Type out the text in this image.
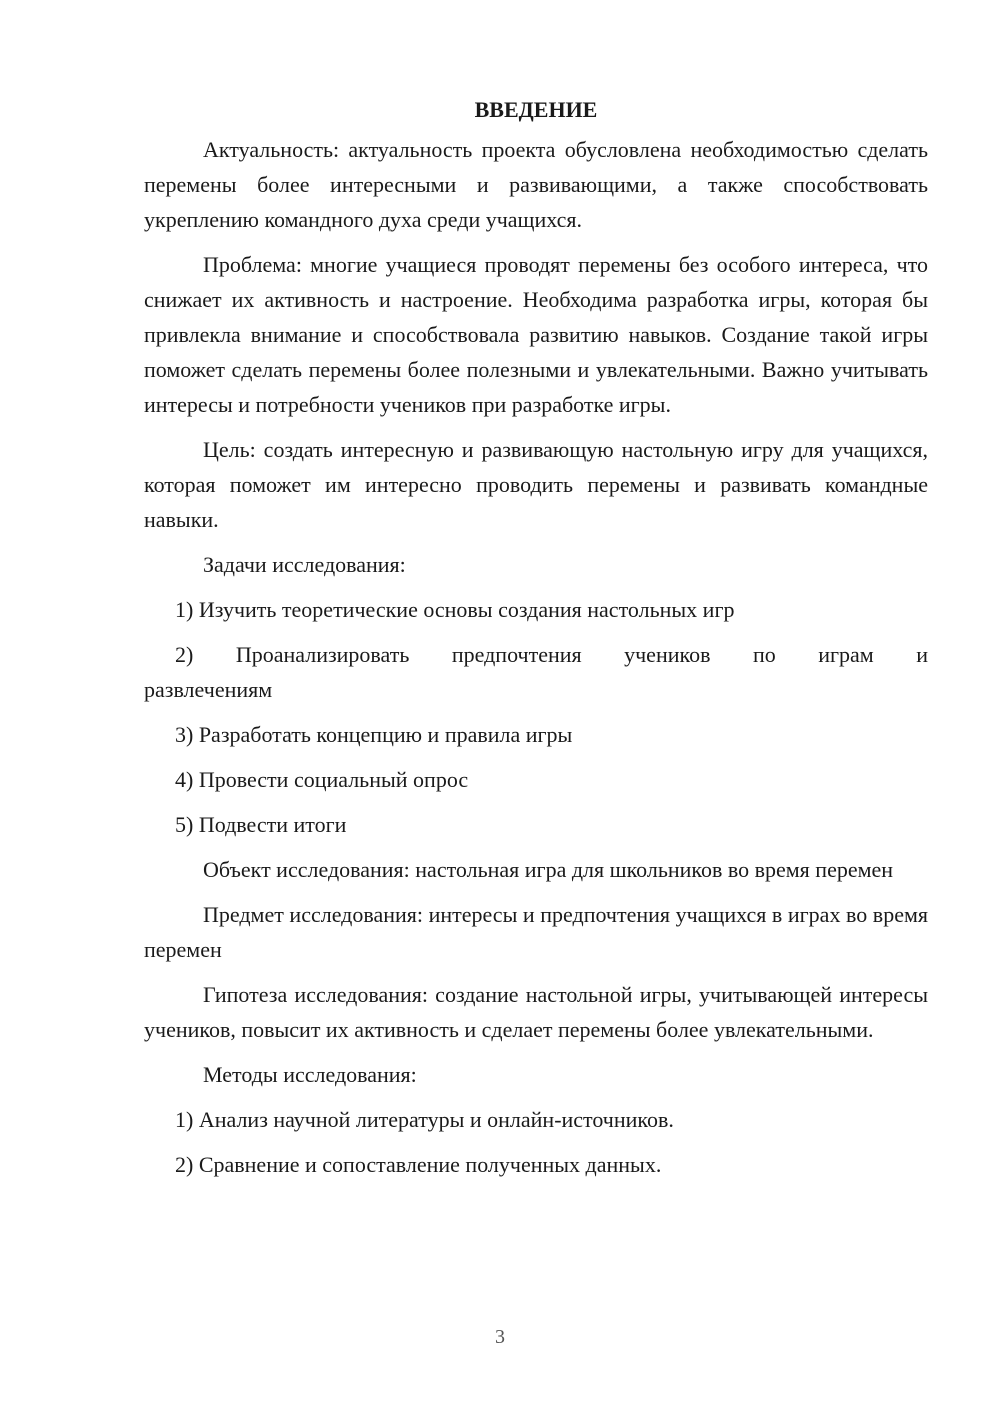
ВВЕДЕНИЕ

Актуальность: актуальность проекта обусловлена необходимостью сделать перемены более интересными и развивающими, а также способствовать укреплению командного духа среди учащихся.

Проблема: многие учащиеся проводят перемены без особого интереса, что снижает их активность и настроение. Необходима разработка игры, которая бы привлекла внимание и способствовала развитию навыков. Создание такой игры поможет сделать перемены более полезными и увлекательными. Важно учитывать интересы и потребности учеников при разработке игры.

Цель: создать интересную и развивающую настольную игру для учащихся, которая поможет им интересно проводить перемены и развивать командные навыки.

Задачи исследования:

1) Изучить теоретические основы создания настольных игр

2) Проанализировать предпочтения учеников по играм и развлечениям

3) Разработать концепцию и правила игры

4) Провести социальный опрос

5) Подвести итоги

Объект исследования: настольная игра для школьников во время перемен

Предмет исследования: интересы и предпочтения учащихся в играх во время перемен

Гипотеза исследования: создание настольной игры, учитывающей интересы учеников, повысит их активность и сделает перемены более увлекательными.

Методы исследования:

1) Анализ научной литературы и онлайн-источников.

2) Сравнение и сопоставление полученных данных.

3
